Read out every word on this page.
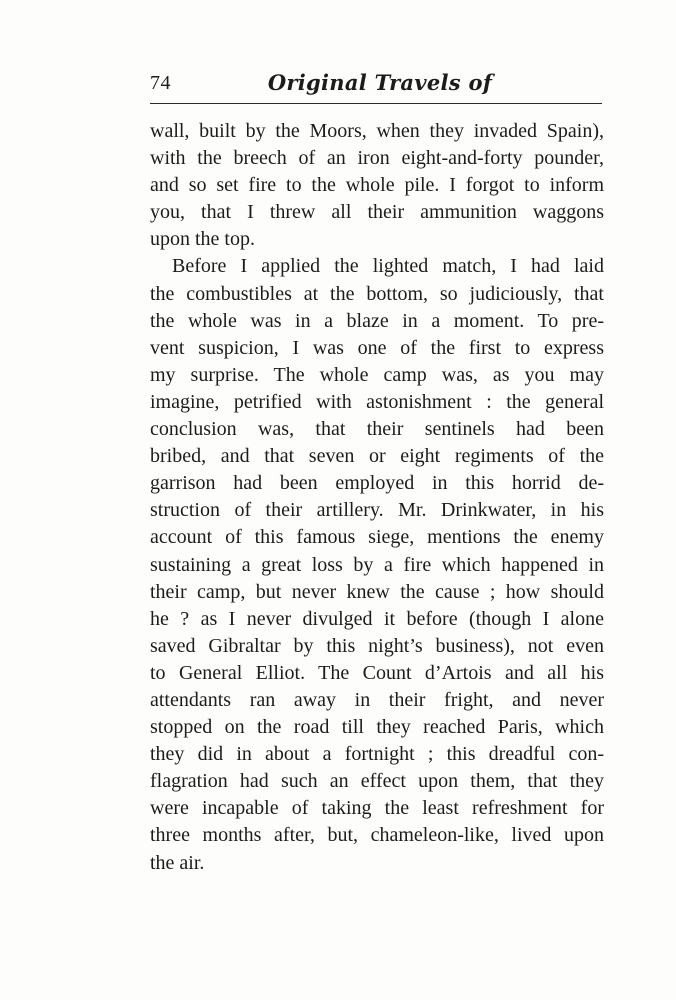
74	Original Travels of
wall, built by the Moors, when they invaded Spain),
with the breech of an iron eight-and-forty pounder,
and so set fire to the whole pile. I forgot to inform
you, that I threw all their ammunition waggons
upon the top.
Before I applied the lighted match, I had laid
the combustibles at the bottom, so judiciously, that
the whole was in a blaze in a moment. To pre-
vent suspicion, I was one of the first to express
my surprise. The whole camp was, as you may
imagine, petrified with astonishment : the general
conclusion was, that their sentinels had been
bribed, and that seven or eight regiments of the
garrison had been employed in this horrid de-
struction of their artillery. Mr. Drinkwater, in his
account of this famous siege, mentions the enemy
sustaining a great loss by a fire which happened in
their camp, but never knew the cause ; how should
he ? as I never divulged it before (though I alone
saved Gibraltar by this night’s business), not even
to General Elliot. The Count d’Artois and all his
attendants ran away in their fright, and never
stopped on the road till they reached Paris, which
they did in about a fortnight ; this dreadful con-
flagration had such an effect upon them, that they
were incapable of taking the least refreshment for
three months after, but, chameleon-like, lived upon
the air.
